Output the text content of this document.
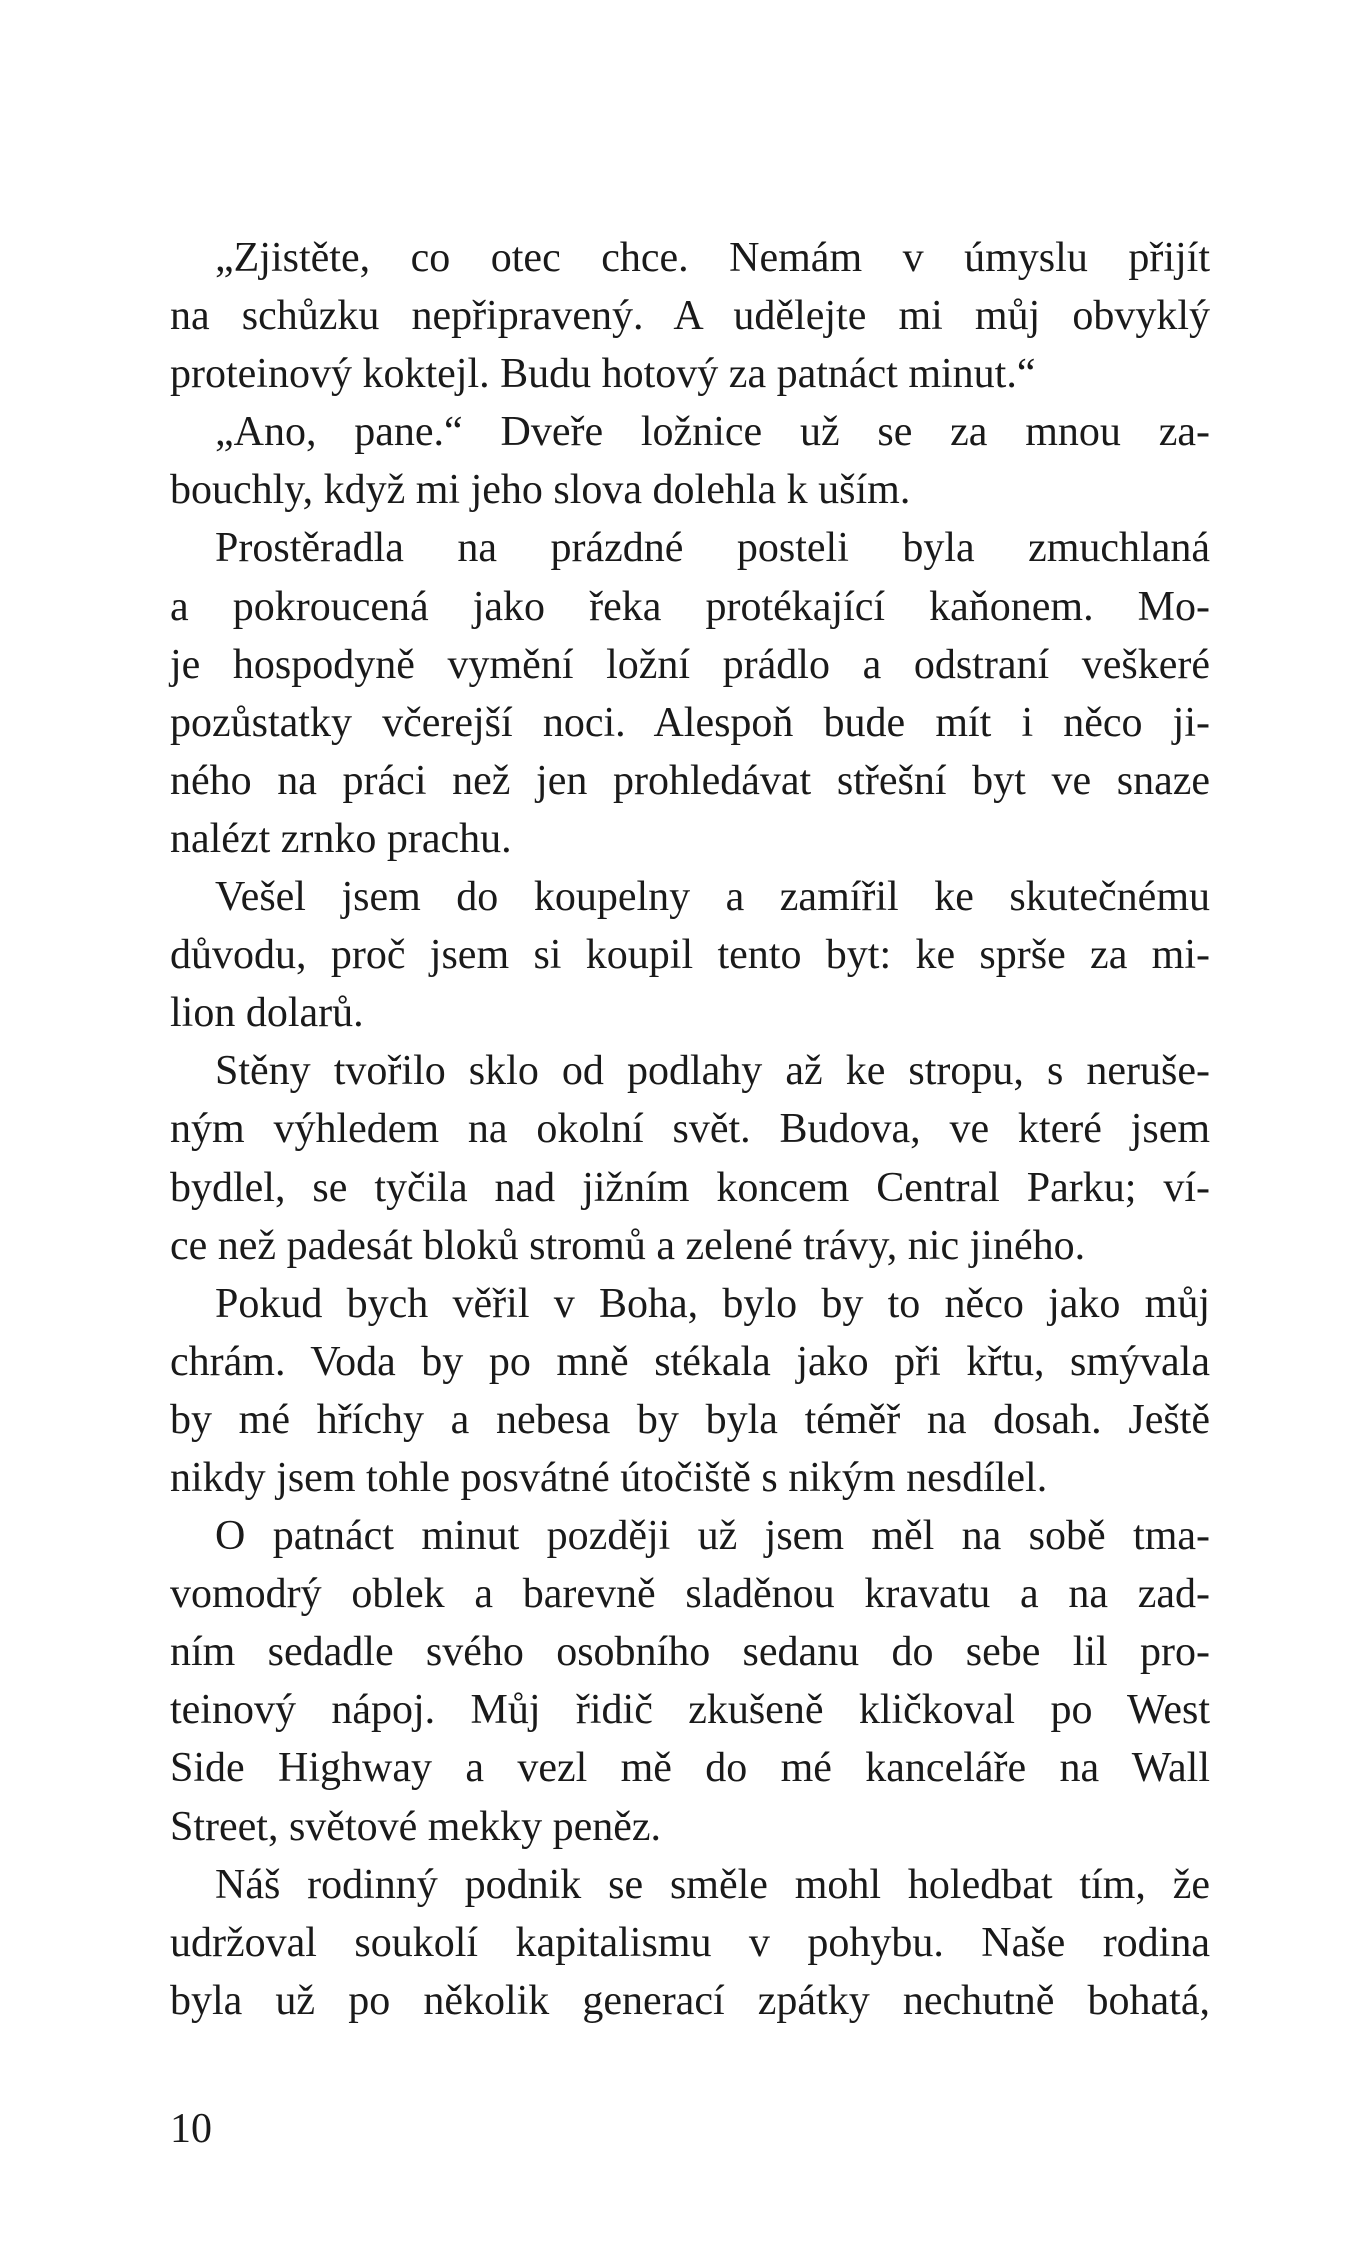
„Zjistěte, co otec chce. Nemám v úmyslu přijít
na schůzku nepřipravený. A udělejte mi můj obvyklý
proteinový koktejl. Budu hotový za patnáct minut.“
„Ano, pane.“ Dveře ložnice už se za mnou za-
bouchly, když mi jeho slova dolehla k uším.
Prostěradla na prázdné posteli byla zmuchlaná
a pokroucená jako řeka protékající kaňonem. Mo-
je hospodyně vymění ložní prádlo a odstraní veškeré
pozůstatky včerejší noci. Alespoň bude mít i něco ji-
ného na práci než jen prohledávat střešní byt ve snaze
nalézt zrnko prachu.
Vešel jsem do koupelny a zamířil ke skutečnému
důvodu, proč jsem si koupil tento byt: ke sprše za mi-
lion dolarů.
Stěny tvořilo sklo od podlahy až ke stropu, s neruše-
ným výhledem na okolní svět. Budova, ve které jsem
bydlel, se tyčila nad jižním koncem Central Parku; ví-
ce než padesát bloků stromů a zelené trávy, nic jiného.
Pokud bych věřil v Boha, bylo by to něco jako můj
chrám. Voda by po mně stékala jako při křtu, smývala
by mé hříchy a nebesa by byla téměř na dosah. Ještě
nikdy jsem tohle posvátné útočiště s nikým nesdílel.
O patnáct minut později už jsem měl na sobě tma-
vomodrý oblek a barevně sladěnou kravatu a na zad-
ním sedadle svého osobního sedanu do sebe lil pro-
teinový nápoj. Můj řidič zkušeně kličkoval po West
Side Highway a vezl mě do mé kanceláře na Wall
Street, světové mekky peněz.
Náš rodinný podnik se směle mohl holedbat tím, že
udržoval soukolí kapitalismu v pohybu. Naše rodina
byla už po několik generací zpátky nechutně bohatá,
10
